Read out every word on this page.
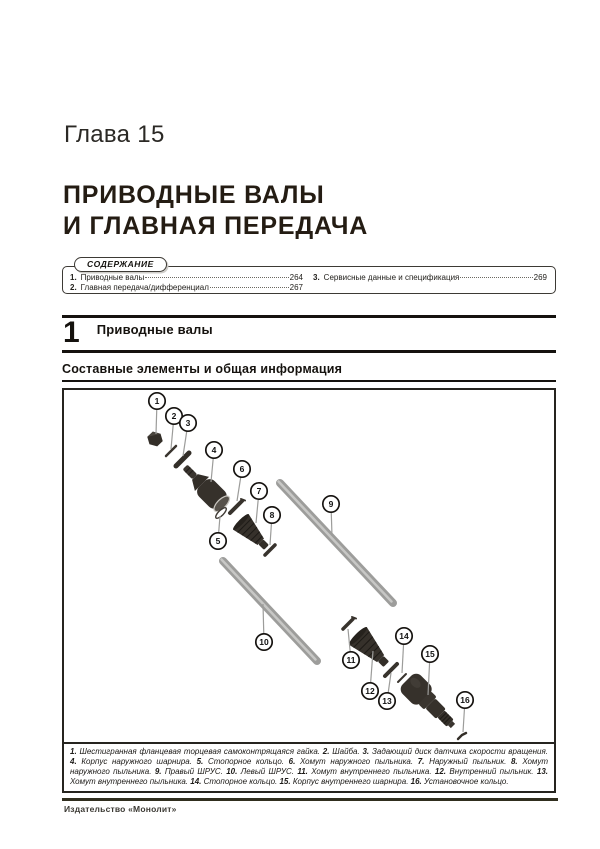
Глава 15
ПРИВОДНЫЕ ВАЛЫ
И ГЛАВНАЯ ПЕРЕДАЧА
СОДЕРЖАНИЕ
1. Приводные валы	264
2. Главная передача/дифференциал	267
3. Сервисные данные и спецификация	269
1 Приводные валы
Составные элементы и общая информация
1
2
3
4
5
6
7
8
9
10
11
12
13
14
15
16

1. Шестигранная фланцевая торцевая самоконтрящаяся гайка. 2. Шайба. 3. Задающий диск датчика скорости вращения. 4. Корпус наружного шарнира. 5. Стопорное кольцо. 6. Хомут наружного пыльника. 7. Наружный пыльник. 8. Хомут наружного пыльника. 9. Правый ШРУС. 10. Левый ШРУС. 11. Хомут внутреннего пыльника. 12. Внутренний пыльник. 13. Хомут внутреннего пыльника. 14. Стопорное кольцо. 15. Корпус внутреннего шарнира. 16. Установочное кольцо.

Издательство «Монолит»
